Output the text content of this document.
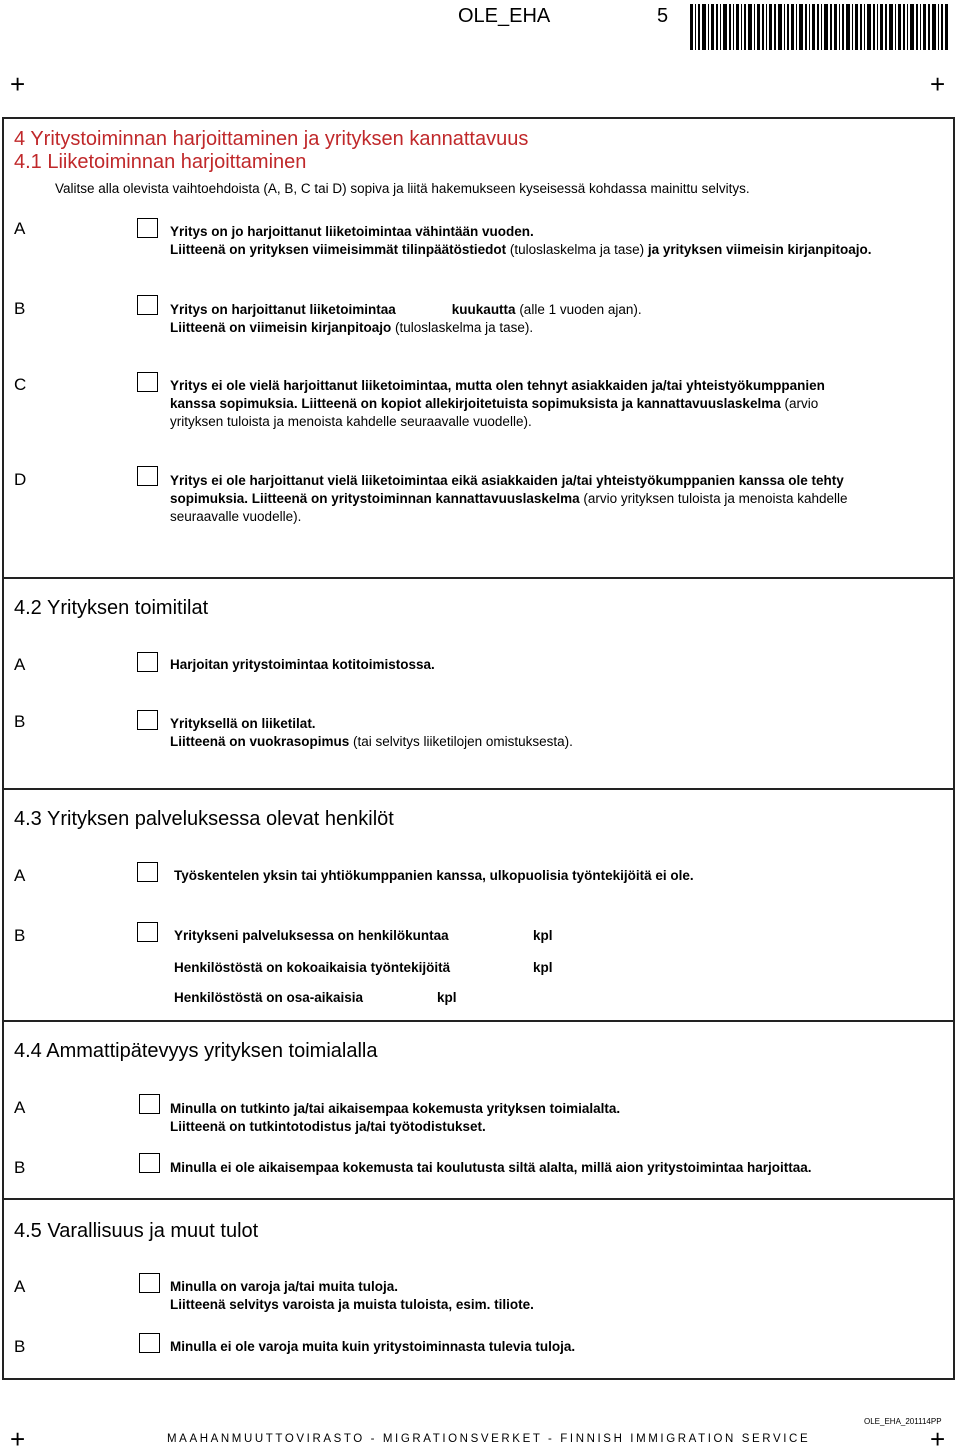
OLE_EHA	5
+	+
4 Yritystoiminnan harjoittaminen ja yrityksen kannattavuus
4.1 Liiketoiminnan harjoittaminen
Valitse alla olevista vaihtoehdoista (A, B, C tai D) sopiva ja liitä hakemukseen kyseisessä kohdassa mainittu selvitys.
A	Yritys on jo harjoittanut liiketoimintaa vähintään vuoden.
Liitteenä on yrityksen viimeisimmät tilinpäätöstiedot (tuloslaskelma ja tase) ja yrityksen viimeisin kirjanpitoajo.
B	Yritys on harjoittanut liiketoimintaa	kuukautta (alle 1 vuoden ajan).
Liitteenä on viimeisin kirjanpitoajo (tuloslaskelma ja tase).
C	Yritys ei ole vielä harjoittanut liiketoimintaa, mutta olen tehnyt asiakkaiden ja/tai yhteistyökumppanien
kanssa sopimuksia. Liitteenä on kopiot allekirjoitetuista sopimuksista ja kannattavuuslaskelma (arvio
yrityksen tuloista ja menoista kahdelle seuraavalle vuodelle).
D	Yritys ei ole harjoittanut vielä liiketoimintaa eikä asiakkaiden ja/tai yhteistyökumppanien kanssa ole tehty
sopimuksia. Liitteenä on yritystoiminnan kannattavuuslaskelma (arvio yrityksen tuloista ja menoista kahdelle
seuraavalle vuodelle).
4.2 Yrityksen toimitilat
A	Harjoitan yritystoimintaa kotitoimistossa.
B	Yrityksellä on liiketilat.
Liitteenä on vuokrasopimus (tai selvitys liiketilojen omistuksesta).
4.3 Yrityksen palveluksessa olevat henkilöt
A	Työskentelen yksin tai yhtiökumppanien kanssa, ulkopuolisia työntekijöitä ei ole.
B	Yritykseni palveluksessa on henkilökuntaa	kpl
Henkilöstöstä on kokoaikaisia työntekijöitä	kpl
Henkilöstöstä on osa-aikaisia	kpl
4.4 Ammattipätevyys yrityksen toimialalla
A	Minulla on tutkinto ja/tai aikaisempaa kokemusta yrityksen toimialalta.
Liitteenä on tutkintotodistus ja/tai työtodistukset.
B	Minulla ei ole aikaisempaa kokemusta tai koulutusta siltä alalta, millä aion yritystoimintaa harjoittaa.
4.5 Varallisuus ja muut tulot
A	Minulla on varoja ja/tai muita tuloja.
Liitteenä selvitys varoista ja muista tuloista, esim. tiliote.
B	Minulla ei ole varoja muita kuin yritystoiminnasta tulevia tuloja.
OLE_EHA_201114PP
MAAHANMUUTTOVIRASTO - MIGRATIONSVERKET - FINNISH IMMIGRATION SERVICE
+	+
